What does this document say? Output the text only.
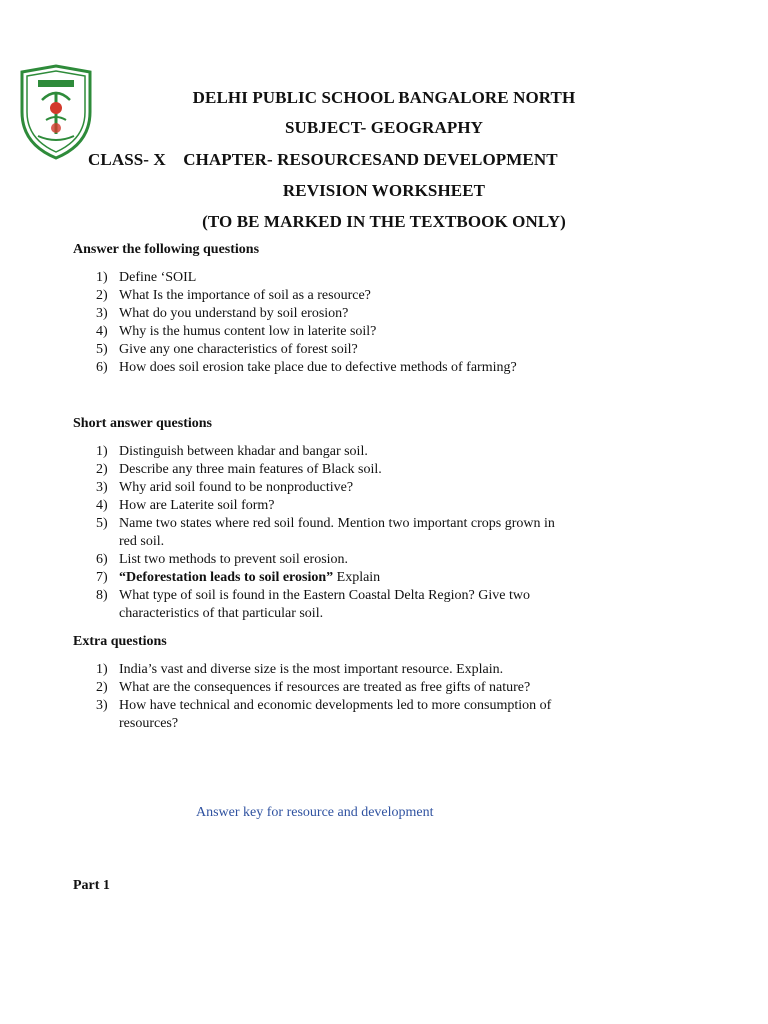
DELHI PUBLIC SCHOOL BANGALORE NORTH
SUBJECT- GEOGRAPHY
CLASS- X    CHAPTER- RESOURCESAND DEVELOPMENT
REVISION WORKSHEET
(TO BE MARKED IN THE TEXTBOOK ONLY)
Answer the following questions
1) Define ‘SOIL
2) What Is the importance of soil as a resource?
3) What do you understand by soil erosion?
4) Why is the humus content low in laterite soil?
5) Give any one characteristics of forest soil?
6) How does soil erosion take place due to defective methods of farming?
Short answer questions
1) Distinguish between khadar and bangar soil.
2) Describe any three main features of Black soil.
3) Why arid soil found to be nonproductive?
4) How are Laterite soil form?
5) Name two states where red soil found. Mention two important crops grown in red soil.
6) List two methods to prevent soil erosion.
7) “Deforestation leads to soil erosion” Explain
8) What type of soil is found in the Eastern Coastal Delta Region? Give two characteristics of that particular soil.
Extra questions
1) India’s vast and diverse size is the most important resource. Explain.
2) What are the consequences if resources are treated as free gifts of nature?
3) How have technical and economic developments led to more consumption of resources?
Answer key for resource and development
Part 1
